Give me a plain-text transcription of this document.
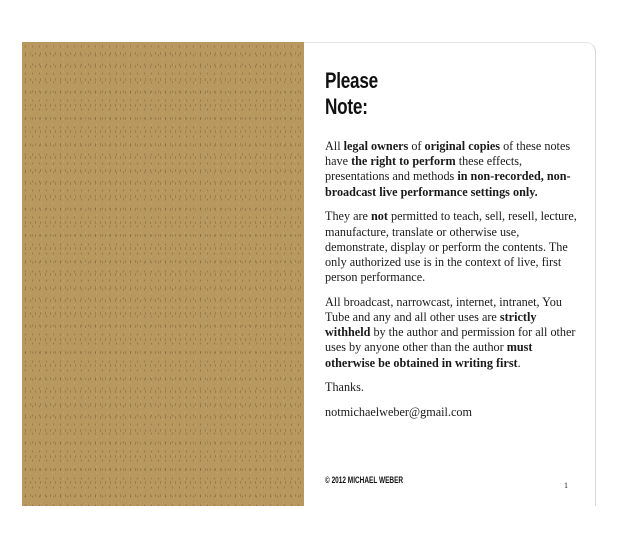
Please
Note:

All legal owners of original copies of these notes have the right to perform these effects, presentations and methods in non-recorded, non-broadcast live performance settings only.

They are not permitted to teach, sell, resell, lecture, manufacture, translate or otherwise use, demonstrate, display or perform the contents. The only authorized use is in the context of live, first person performance.

All broadcast, narrowcast, internet, intranet, You Tube and any and all other uses are strictly withheld by the author and permission for all other uses by anyone other than the author must otherwise be obtained in writing first.

Thanks.

notmichaelweber@gmail.com

© 2012 MICHAEL WEBER

1
